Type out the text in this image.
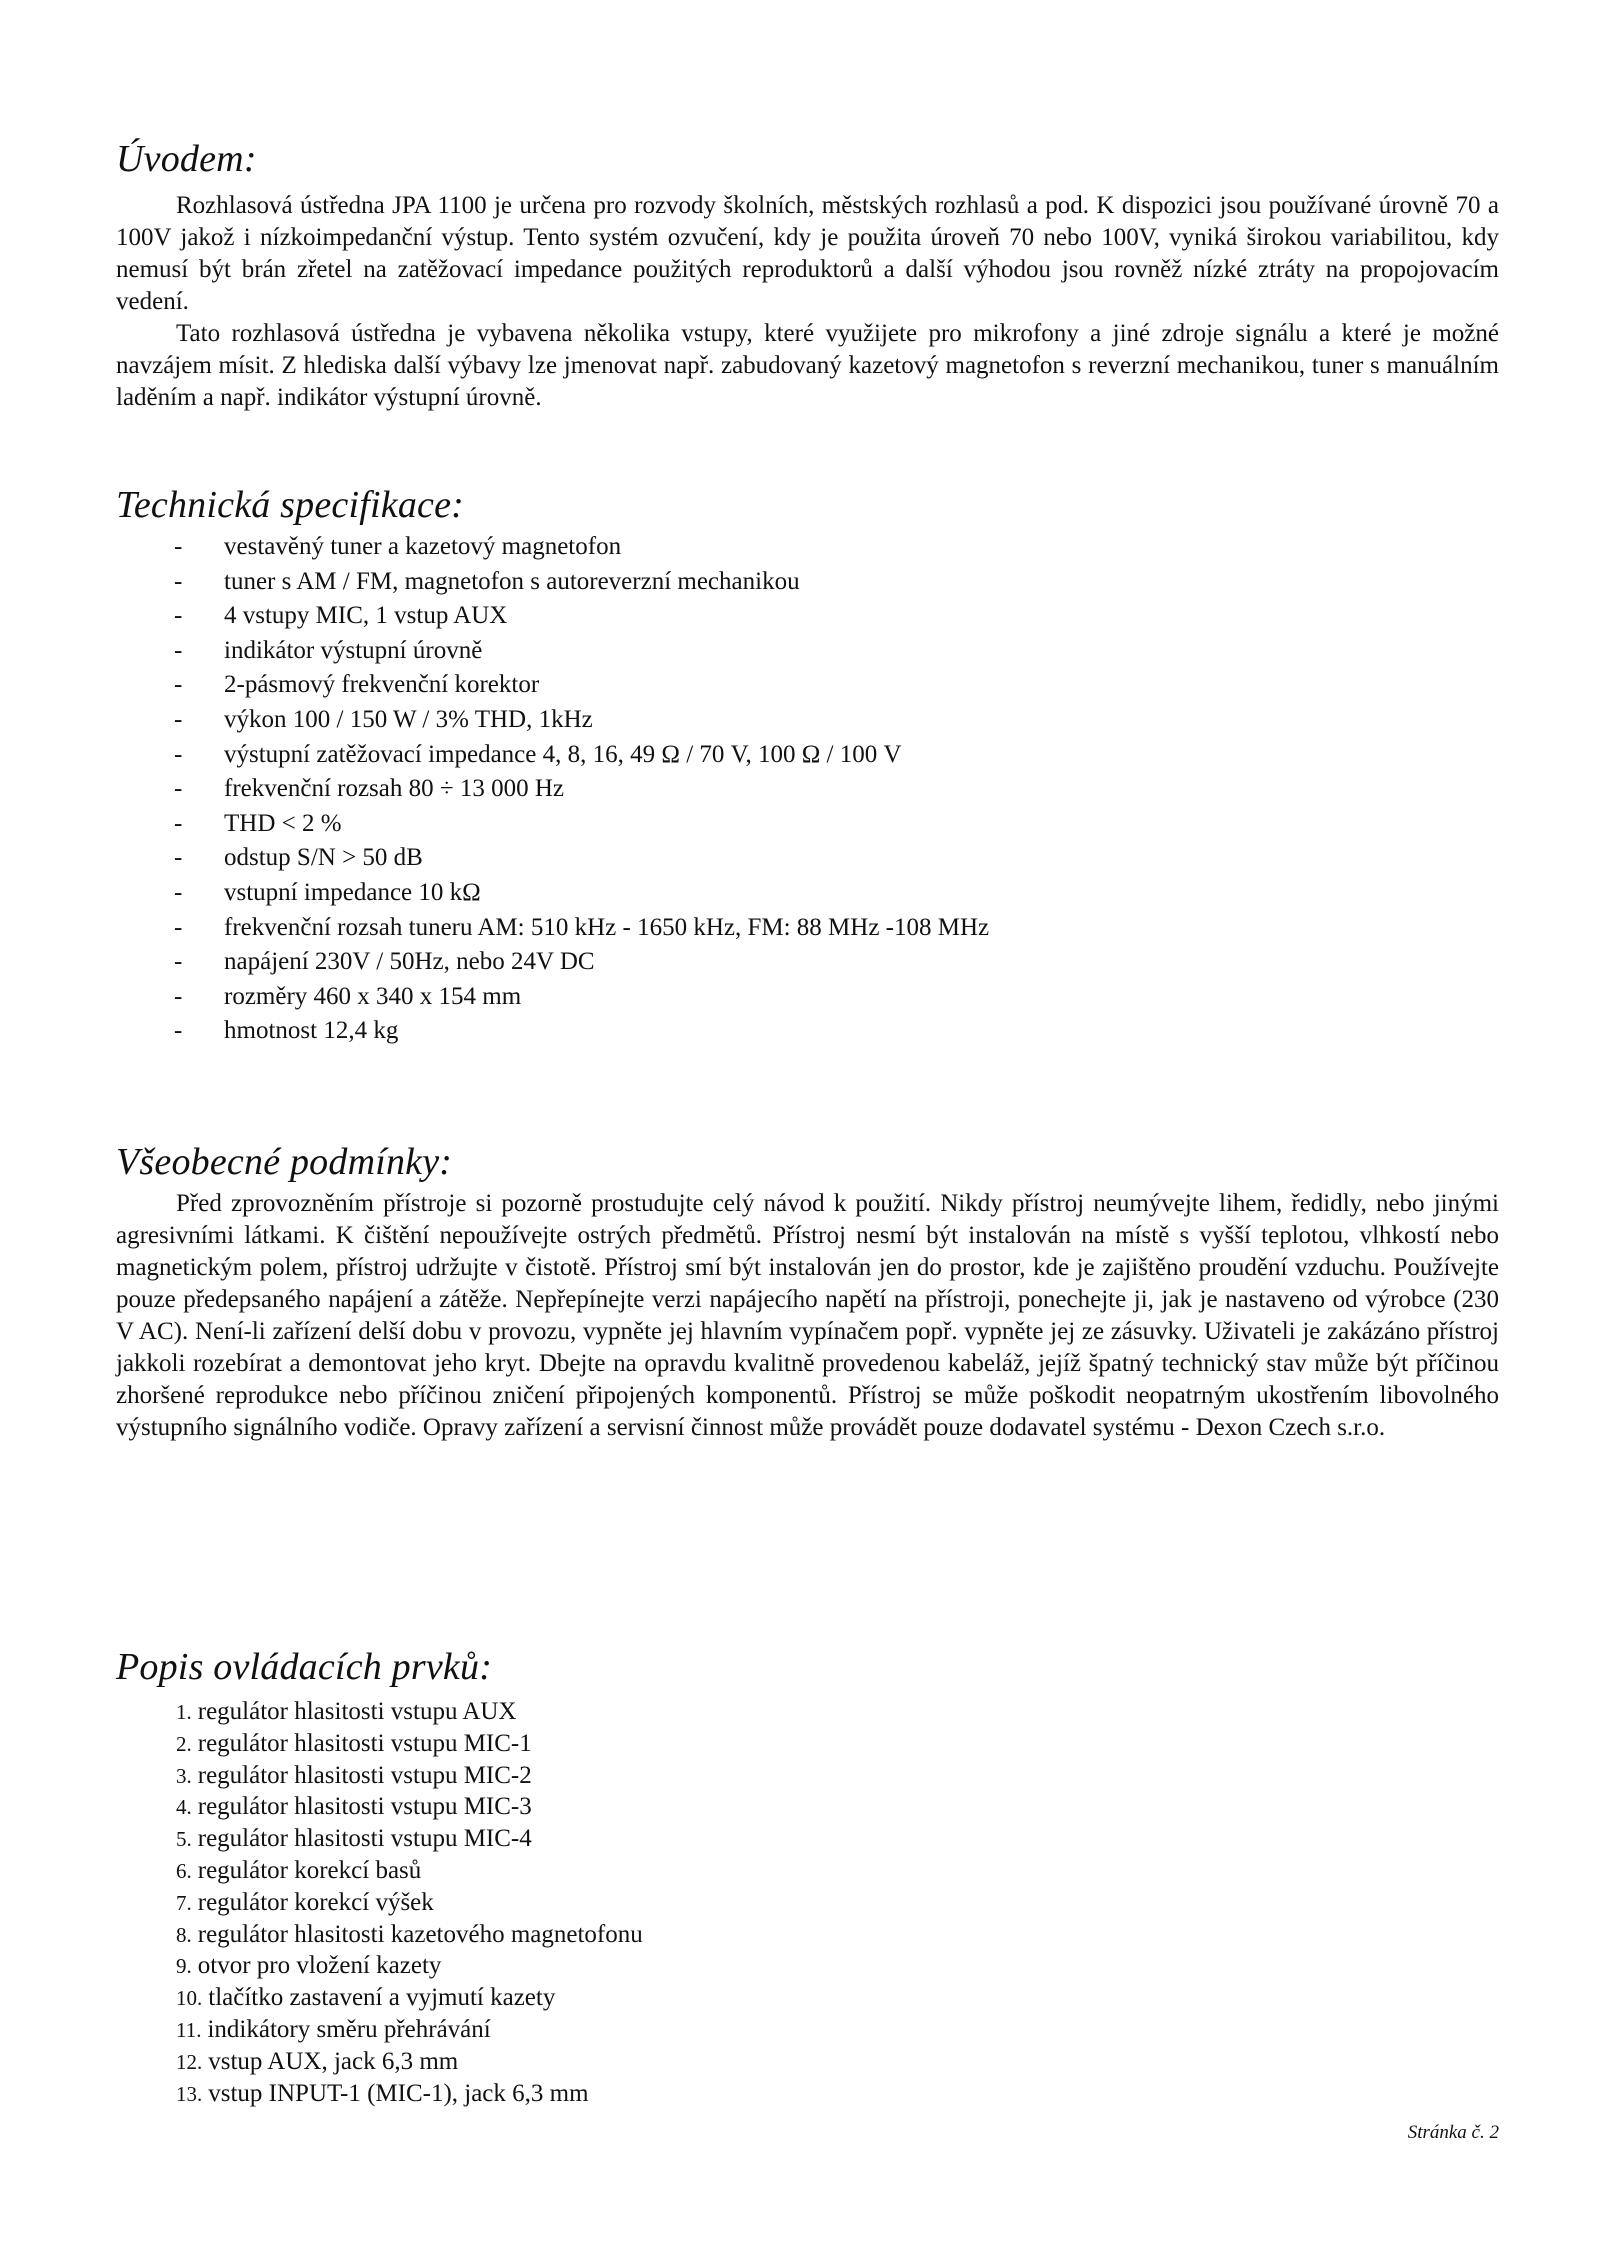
Úvodem:

Rozhlasová ústředna JPA 1100 je určena pro rozvody školních, městských rozhlasů a pod. K dispozici jsou používané úrovně 70 a 100V jakož i nízkoimpedanční výstup. Tento systém ozvučení, kdy je použita úroveň 70 nebo 100V, vyniká širokou variabilitou, kdy nemusí být brán zřetel na zatěžovací impedance použitých reproduktorů a další výhodou jsou rovněž nízké ztráty na propojovacím vedení.

Tato rozhlasová ústředna je vybavena několika vstupy, které využijete pro mikrofony a jiné zdroje signálu a které je možné navzájem mísit. Z hlediska další výbavy lze jmenovat např. zabudovaný kazetový magnetofon s reverzní mechanikou, tuner s manuálním laděním a např. indikátor výstupní úrovně.

Technická specifikace:
- vestavěný tuner a kazetový magnetofon
- tuner s AM / FM, magnetofon s autoreverzní mechanikou
- 4 vstupy MIC, 1 vstup AUX
- indikátor výstupní úrovně
- 2-pásmový frekvenční korektor
- výkon 100 / 150 W / 3% THD, 1kHz
- výstupní zatěžovací impedance 4, 8, 16, 49 Ω / 70 V, 100 Ω / 100 V
- frekvenční rozsah 80 ÷ 13 000 Hz
- THD < 2 %
- odstup S/N > 50 dB
- vstupní impedance 10 kΩ
- frekvenční rozsah tuneru AM: 510 kHz - 1650 kHz, FM: 88 MHz -108 MHz
- napájení 230V / 50Hz, nebo 24V DC
- rozměry 460 x 340 x 154 mm
- hmotnost 12,4 kg
Všeobecné podmínky:

Před zprovozněním přístroje si pozorně prostudujte celý návod k použití. Nikdy přístroj neumývejte lihem, ředidly, nebo jinými agresivními látkami. K čištění nepoužívejte ostrých předmětů. Přístroj nesmí být instalován na místě s vyšší teplotou, vlhkostí nebo magnetickým polem, přístroj udržujte v čistotě. Přístroj smí být instalován jen do prostor, kde je zajištěno proudění vzduchu. Používejte pouze předepsaného napájení a zátěže. Nepřepínejte verzi napájecího napětí na přístroji, ponechejte ji, jak je nastaveno od výrobce (230 V AC). Není-li zařízení delší dobu v provozu, vypněte jej hlavním vypínačem popř. vypněte jej ze zásuvky. Uživateli je zakázáno přístroj jakkoli rozebírat a demontovat jeho kryt. Dbejte na opravdu kvalitně provedenou kabeláž, jejíž špatný technický stav může být příčinou zhoršené reprodukce nebo příčinou zničení připojených komponentů. Přístroj se může poškodit neopatrným ukostřením libovolného výstupního signálního vodiče. Opravy zařízení a servisní činnost může provádět pouze dodavatel systému - Dexon Czech s.r.o.

Popis ovládacích prvků:
1. regulátor hlasitosti vstupu AUX
2. regulátor hlasitosti vstupu MIC-1
3. regulátor hlasitosti vstupu MIC-2
4. regulátor hlasitosti vstupu MIC-3
5. regulátor hlasitosti vstupu MIC-4
6. regulátor korekcí basů
7. regulátor korekcí výšek
8. regulátor hlasitosti kazetového magnetofonu
9. otvor pro vložení kazety
10. tlačítko zastavení a vyjmutí kazety
11. indikátory směru přehrávání
12. vstup AUX, jack 6,3 mm
13. vstup INPUT-1 (MIC-1), jack 6,3 mm
Stránka č. 2
